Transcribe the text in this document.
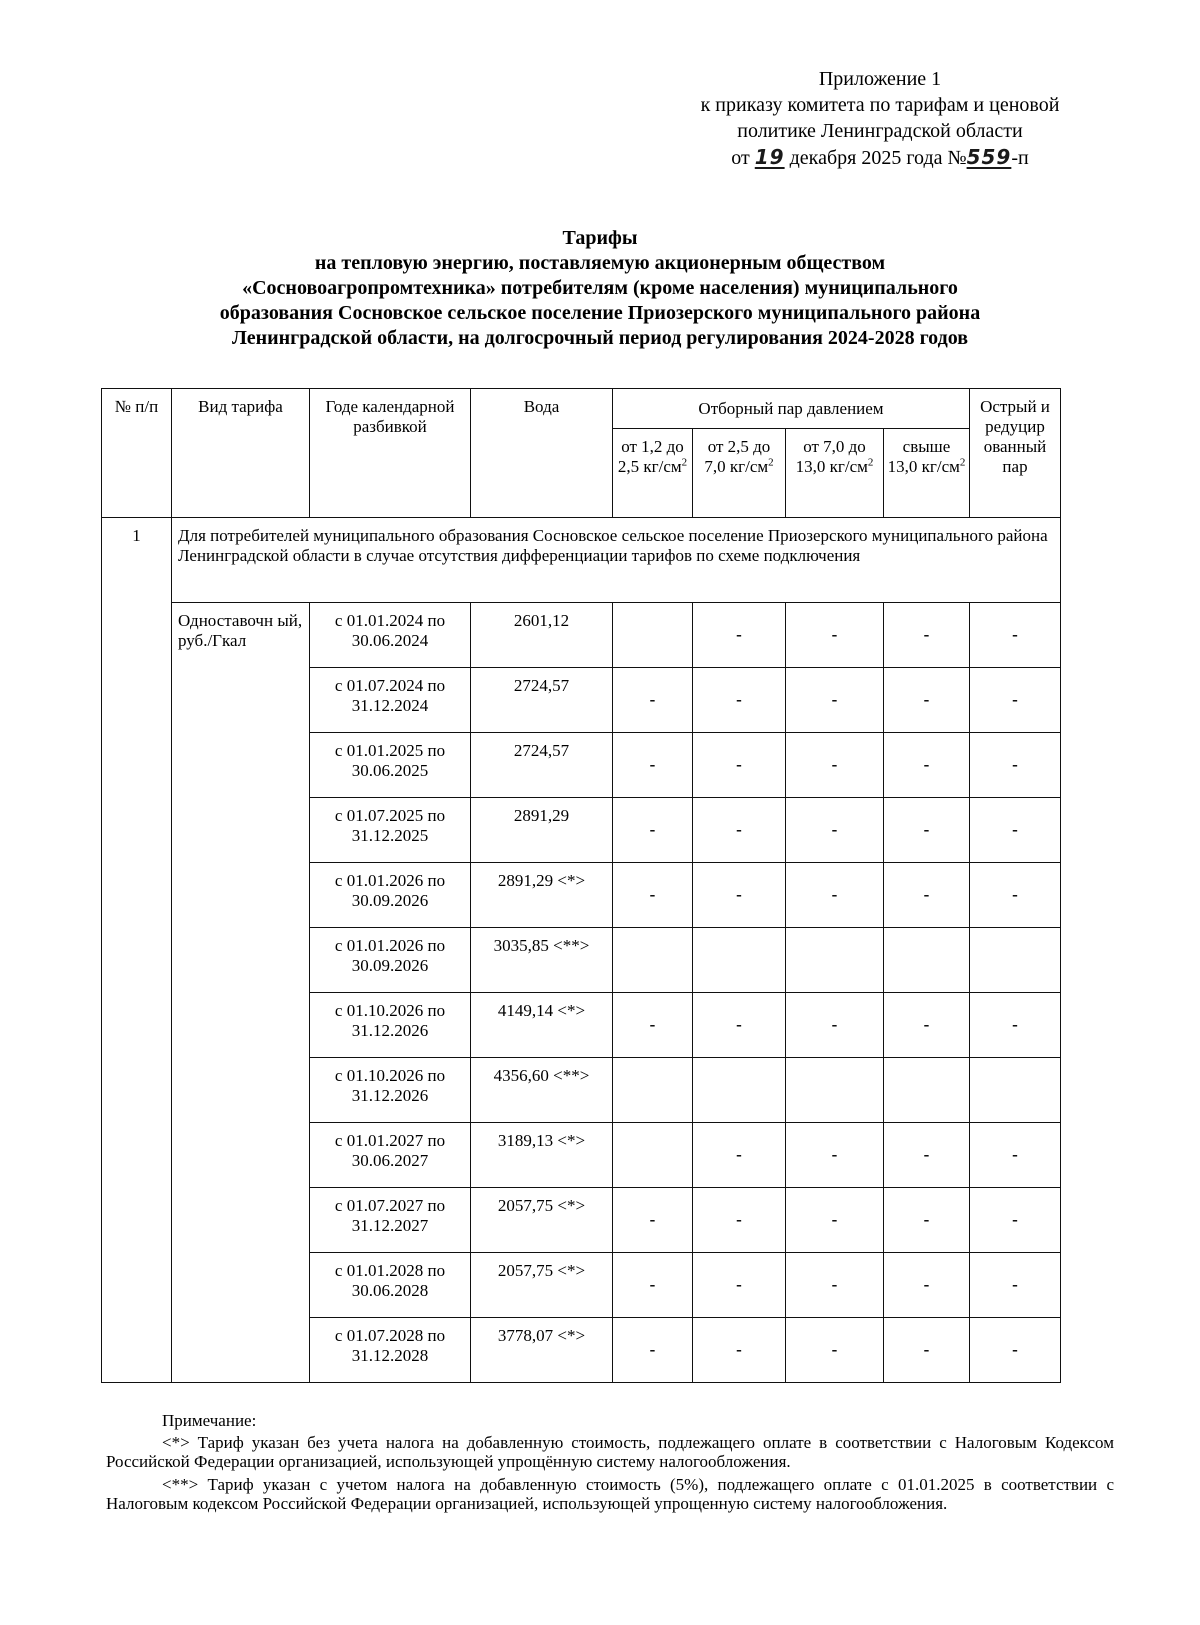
Приложение 1
к приказу комитета по тарифам и ценовой
политике Ленинградской области
от 19 декабря 2025 года №559-п
Тарифы
на тепловую энергию, поставляемую акционерным обществом
«Сосновоагропромтехника» потребителям (кроме населения) муниципального
образования Сосновское сельское поселение Приозерского муниципального района
Ленинградской области, на долгосрочный период регулирования 2024-2028 годов
№ п/п	Вид тарифа	Годе календарной разбивкой	Вода	Отборный пар давлением				Острый и редуцир ованный пар
				от 1,2 до 2,5 $кг/см^2$	от 2,5 до 7,0 $кг/см^2$	от 7,0 до 13,0 $кг/см^2$	свыше 13,0 $кг/см^2$
1	Для потребителей муниципального образования Сосновское сельское поселение Приозерского муниципального района Ленинградской области в случае отсутствия дифференциации тарифов по схеме подключения							
	Одноставочн ый, руб./Гкал	с 01.01.2024 по 30.06.2024	2601,12		-	-	-	-
		с 01.07.2024 по 31.12.2024	2724,57	-	-	-	-	-
		с 01.01.2025 по 30.06.2025	2724,57	-	-	-	-	-
		с 01.07.2025 по 31.12.2025	2891,29	-	-	-	-	-
		с 01.01.2026 по 30.09.2026	2891,29 <*>	-	-	-	-	-
		с 01.01.2026 по 30.09.2026	3035,85 <**>					
		с 01.10.2026 по 31.12.2026	4149,14 <*>	-	-	-	-	-
		с 01.10.2026 по 31.12.2026	4356,60 <**>					
		с 01.01.2027 по 30.06.2027	3189,13 <*>		-	-	-	-
		с 01.07.2027 по 31.12.2027	2057,75 <*>	-	-	-	-	-
		с 01.01.2028 по 30.06.2028	2057,75 <*>	-	-	-	-	-
		с 01.07.2028 по 31.12.2028	3778,07 <*>	-	-	-	-	-
Примечание:

<*> Тариф указан без учета налога на добавленную стоимость, подлежащего оплате в соответствии с Налоговым Кодексом Российской Федерации организацией, использующей упрощённую систему налогообложения.

<**> Тариф указан с учетом налога на добавленную стоимость (5%), подлежащего оплате с 01.01.2025 в соответствии с Налоговым кодексом Российской Федерации организацией, использующей упрощенную систему налогообложения.
